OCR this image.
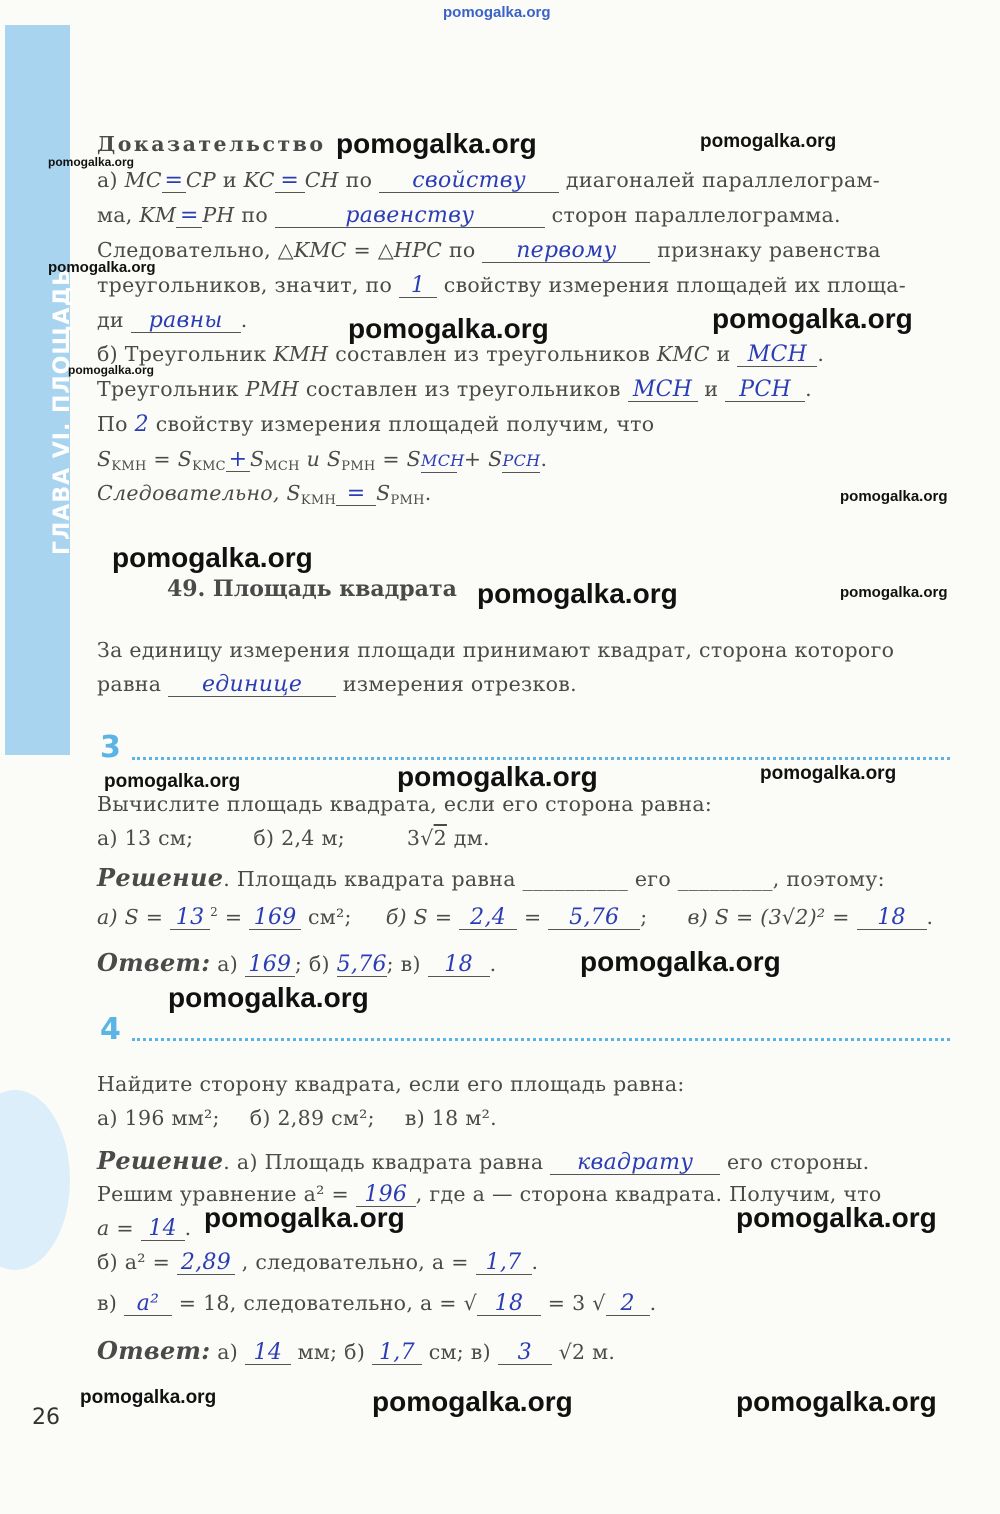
ГЛАВА VI. ПЛОЩАДЬ
pomogalka.org
Доказательство
а) MC = CP и KC = CH по свойству диагоналей параллелограм-
ма, KM = PH по	равенству	сторон параллелограмма.
Следовательно, △KMC = △HPC по первому признаку равенства
треугольников, значит, по 1 свойству измерения площадей их площа-
ди равны .
б) Треугольник KMH составлен из треугольников KMC и MCH .
Треугольник PMH составлен из треугольников MCH и PCH .
По 2 свойству измерения площадей получим, что
$S_{KMH} = S_{KMC} + S_{MCH}$ и $S_{PMH}$ = SMCH + SPCH.
Следовательно, $S_{KMH} = S_{PMH}$.
49. Площадь квадрата
За единицу измерения площади принимают квадрат, сторона которого
равна единице измерения отрезков.
3
Вычислите площадь квадрата, если его сторона равна:
а) 13 см;	б) 2,4 м;	3√2 дм.
Решение. Площадь квадрата равна __________ его _________, поэтому:
а) S = 13 $^2$ = 169 см²; б) S = 2,4 = 5,76 ; в) S = (3√2)² = 18 .
Ответ: а) 169 ; б) 5,76; в) 18 .
4
Найдите сторону квадрата, если его площадь равна:
а) 196 мм²; б) 2,89 см²; в) 18 м².
Решение. а) Площадь квадрата равна квадрату его стороны.
Решим уравнение a² = 196 , где a — сторона квадрата. Получим, что
a = 14 .
б) a² = 2,89 , следовательно, a = 1,7 .
в) a² = 18, следовательно, a = √ 18 = 3 √ 2 .
Ответ: а) 14 мм; б) 1,7 см; в) 3 √2 м.
26
pomogalka.org	pomogalka.org
pomogalka.org
pomogalka.org
pomogalka.org	pomogalka.org
pomogalka.org
pomogalka.org
pomogalka.org
pomogalka.org	pomogalka.org
pomogalka.org	pomogalka.org	pomogalka.org
pomogalka.org
pomogalka.org
pomogalka.org	pomogalka.org
pomogalka.org	pomogalka.org	pomogalka.org
